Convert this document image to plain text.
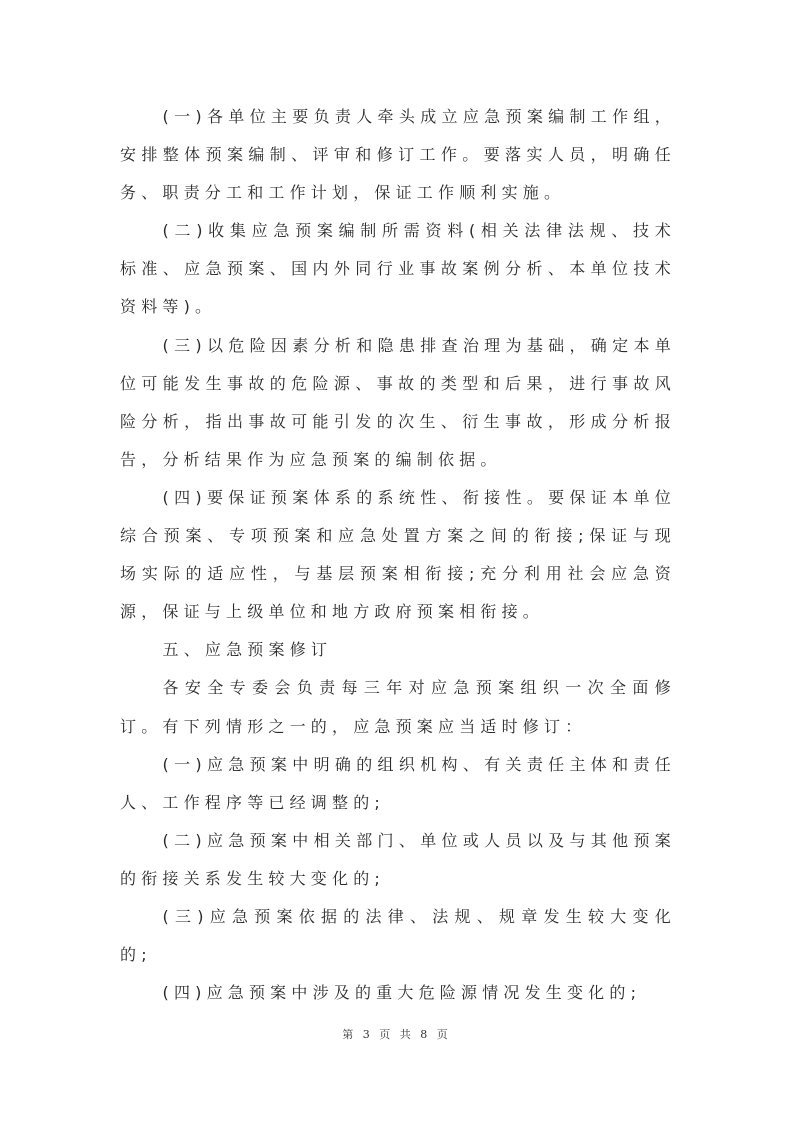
(一)各单位主要负责人牵头成立应急预案编制工作组，安排整体预案编制、评审和修订工作。要落实人员，明确任务、职责分工和工作计划，保证工作顺利实施。

(二)收集应急预案编制所需资料(相关法律法规、技术标准、应急预案、国内外同行业事故案例分析、本单位技术资料等)。

(三)以危险因素分析和隐患排查治理为基础，确定本单位可能发生事故的危险源、事故的类型和后果，进行事故风险分析，指出事故可能引发的次生、衍生事故，形成分析报告，分析结果作为应急预案的编制依据。

(四)要保证预案体系的系统性、衔接性。要保证本单位综合预案、专项预案和应急处置方案之间的衔接;保证与现场实际的适应性，与基层预案相衔接;充分利用社会应急资源，保证与上级单位和地方政府预案相衔接。

五、应急预案修订

各安全专委会负责每三年对应急预案组织一次全面修订。有下列情形之一的，应急预案应当适时修订：

(一)应急预案中明确的组织机构、有关责任主体和责任人、工作程序等已经调整的;

(二)应急预案中相关部门、单位或人员以及与其他预案的衔接关系发生较大变化的;

(三)应急预案依据的法律、法规、规章发生较大变化的;

(四)应急预案中涉及的重大危险源情况发生变化的;

第 3 页 共 8 页
